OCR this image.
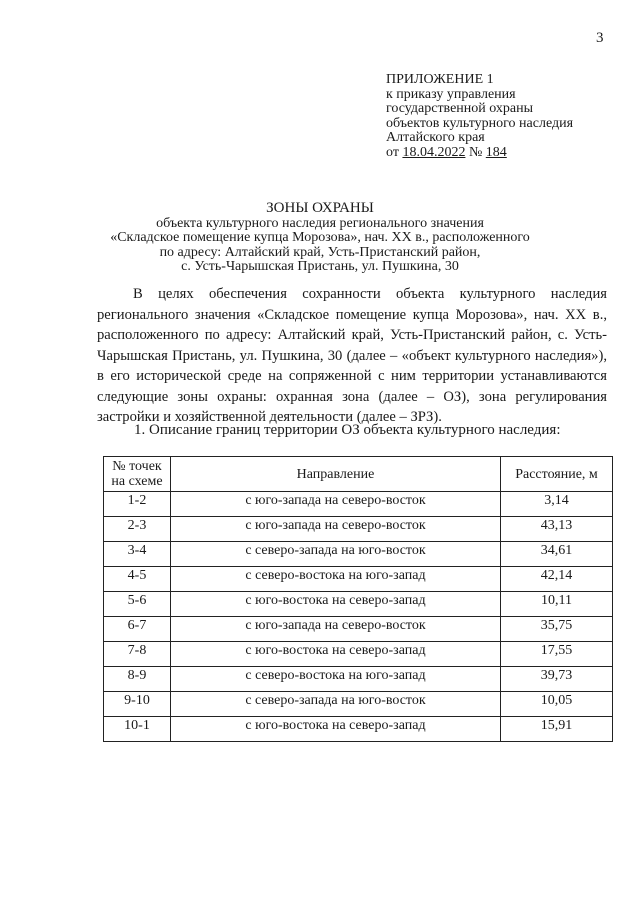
3
ПРИЛОЖЕНИЕ 1
к приказу управления
государственной охраны
объектов культурного наследия
Алтайского края
от 18.04.2022 № 184
ЗОНЫ ОХРАНЫ
объекта культурного наследия регионального значения
«Складское помещение купца Морозова», нач. XX в., расположенного
по адресу: Алтайский край, Усть-Пристанский район,
с. Усть-Чарышская Пристань, ул. Пушкина, 30
В целях обеспечения сохранности объекта культурного наследия регионального значения «Складское помещение купца Морозова», нач. XX в., расположенного по адресу: Алтайский край, Усть-Пристанский район, с. Усть-Чарышская Пристань, ул. Пушкина, 30 (далее – «объект культурного наследия»), в его исторической среде на сопряженной с ним территории устанавливаются следующие зоны охраны: охранная зона (далее – ОЗ), зона регулирования застройки и хозяйственной деятельности (далее – ЗРЗ).
1. Описание границ территории ОЗ объекта культурного наследия:
№ точек на схеме	Направление	Расстояние, м
1-2	с юго-запада на северо-восток	3,14
2-3	с юго-запада на северо-восток	43,13
3-4	с северо-запада на юго-восток	34,61
4-5	с северо-востока на юго-запад	42,14
5-6	с юго-востока на северо-запад	10,11
6-7	с юго-запада на северо-восток	35,75
7-8	с юго-востока на северо-запад	17,55
8-9	с северо-востока на юго-запад	39,73
9-10	с северо-запада на юго-восток	10,05
10-1	с юго-востока на северо-запад	15,91
